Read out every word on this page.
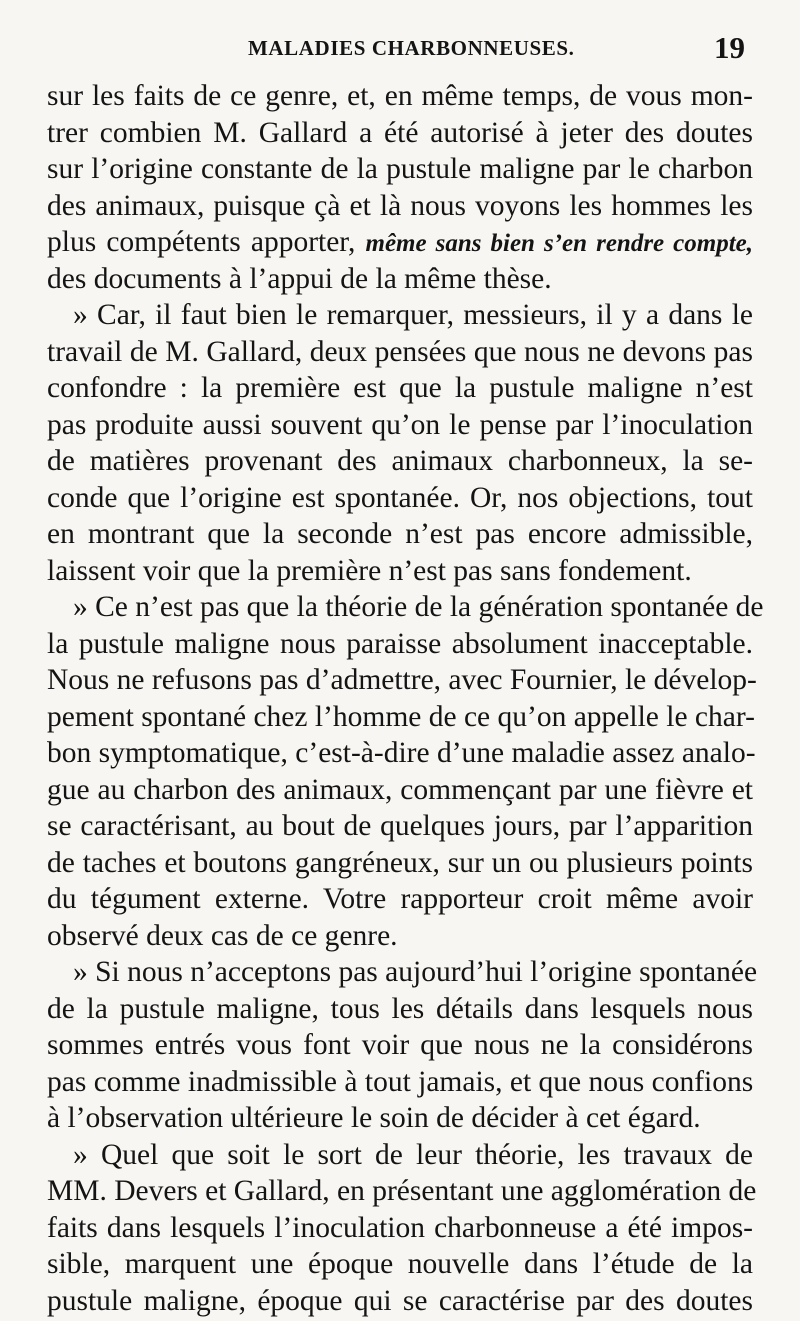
MALADIES CHARBONNEUSES.	19
sur les faits de ce genre, et, en même temps, de vous mon-
trer combien M. Gallard a été autorisé à jeter des doutes
sur l’origine constante de la pustule maligne par le charbon
des animaux, puisque çà et là nous voyons les hommes les
plus compétents apporter, même sans bien s’en rendre compte,
des documents à l’appui de la même thèse.
» Car, il faut bien le remarquer, messieurs, il y a dans le
travail de M. Gallard, deux pensées que nous ne devons pas
confondre : la première est que la pustule maligne n’est
pas produite aussi souvent qu’on le pense par l’inoculation
de matières provenant des animaux charbonneux, la se-
conde que l’origine est spontanée. Or, nos objections, tout
en montrant que la seconde n’est pas encore admissible,
laissent voir que la première n’est pas sans fondement.
» Ce n’est pas que la théorie de la génération spontanée de
la pustule maligne nous paraisse absolument inacceptable.
Nous ne refusons pas d’admettre, avec Fournier, le dévelop-
pement spontané chez l’homme de ce qu’on appelle le char-
bon symptomatique, c’est-à-dire d’une maladie assez analo-
gue au charbon des animaux, commençant par une fièvre et
se caractérisant, au bout de quelques jours, par l’apparition
de taches et boutons gangréneux, sur un ou plusieurs points
du tégument externe. Votre rapporteur croit même avoir
observé deux cas de ce genre.
» Si nous n’acceptons pas aujourd’hui l’origine spontanée
de la pustule maligne, tous les détails dans lesquels nous
sommes entrés vous font voir que nous ne la considérons
pas comme inadmissible à tout jamais, et que nous confions
à l’observation ultérieure le soin de décider à cet égard.
» Quel que soit le sort de leur théorie, les travaux de
MM. Devers et Gallard, en présentant une agglomération de
faits dans lesquels l’inoculation charbonneuse a été impos-
sible, marquent une époque nouvelle dans l’étude de la
pustule maligne, époque qui se caractérise par des doutes
